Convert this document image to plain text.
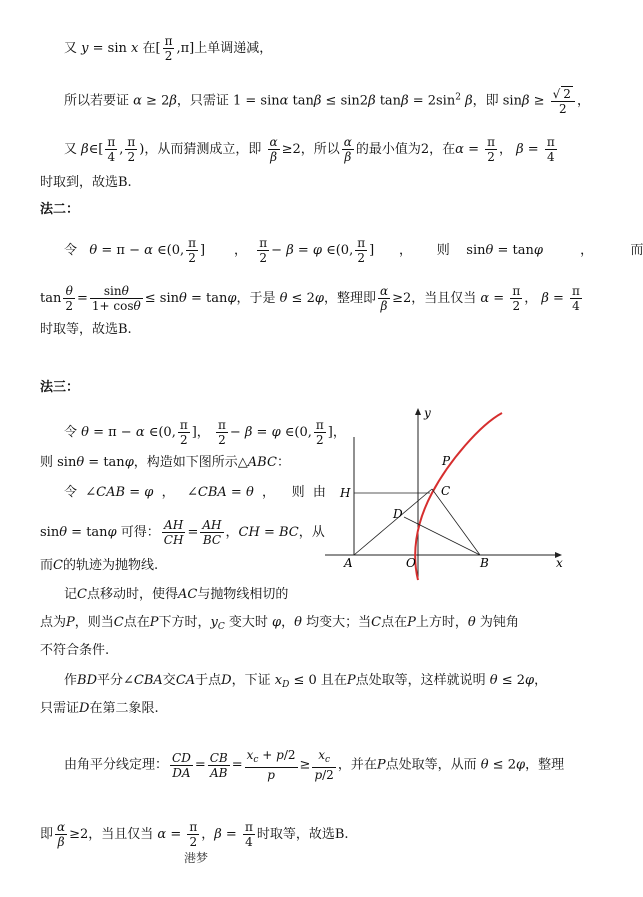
又 y = sin x 在[ $\frac{\pi}{2} ,\pi$]上单调递减，
所以若要证 α ≥ 2β，只需证 1 = sinα tanβ ≤ sin2β $\tan\beta = 2\sin^2$ β，即 $\sin\beta \ge \frac{√ 2}{2}$ ，
又 β∈[ $\frac{\pi}{4}$ , $\frac{\pi}{2}$ )，从而猜测成立，即 $\frac{\alpha}{\beta} \ge 2$，所以 $\frac{\alpha}{\beta}$ 的最小值为2，在$\alpha = \frac{\pi}{2}$ ， $\beta = \frac{\pi}{4}$
时取到，故选B.
法二：
令   θ = π − α ∈(0, $\frac{\pi}{2}$ ]       ， $\frac{\pi}{2} - \beta = \varphi$ ∈(0, $\frac{\pi}{2}$ ]      ，      则    sinθ = tanφ         ，         而
$\tan \frac{\theta}{2} = \frac{\sin\theta}{1+ \cos\theta} \le \sin\theta = \tan\varphi$，于是 θ ≤ 2φ，整理即 $\frac{\alpha}{\beta} \ge 2$，当且仅当 $\alpha = \frac{\pi}{2}$ ， $\beta = \frac{\pi}{4}$
时取等，故选B.
法三：
令 θ = π − α ∈(0, $\frac{\pi}{2}$ ]， $\frac{\pi}{2} - \beta = \varphi$ ∈(0, $\frac{\pi}{2}$ ]，
则 sinθ = tanφ，构造如下图所示△ABC：
令  ∠CAB = φ  ，   ∠CBA = θ  ，    则  由
sinθ = tanφ 可得： $\frac{AH}{CH} = \frac{AH}{BC}$ ，CH = BC，从
而C的轨迹为抛物线.
记C点移动时，使得AC与抛物线相切的
点为P，则当C点在P下方时，$y_C$ 变大时 φ，θ 均变大；当C点在P上方时，θ 为钝角
不符合条件.
作BD平分∠CBA交CA于点D，下证 $x_D \le 0$ 且在P点处取等，这样就说明 θ ≤ 2φ，
只需证D在第二象限.
由角平分线定理： $\frac{CD}{DA} = \frac{CB}{AB} = \frac{x_c + p/2}{p} \ge \frac{x_c}{p/2}$ ，并在P点处取等，从而 θ ≤ 2φ，整理
即 $\frac{\alpha}{\beta} \ge 2$，当且仅当 $\alpha = \frac{\pi}{2}$ ，$\beta = \frac{\pi}{4}$ 时取等，故选B.
港梦
y
x
P
H	C
D
A	O	B
